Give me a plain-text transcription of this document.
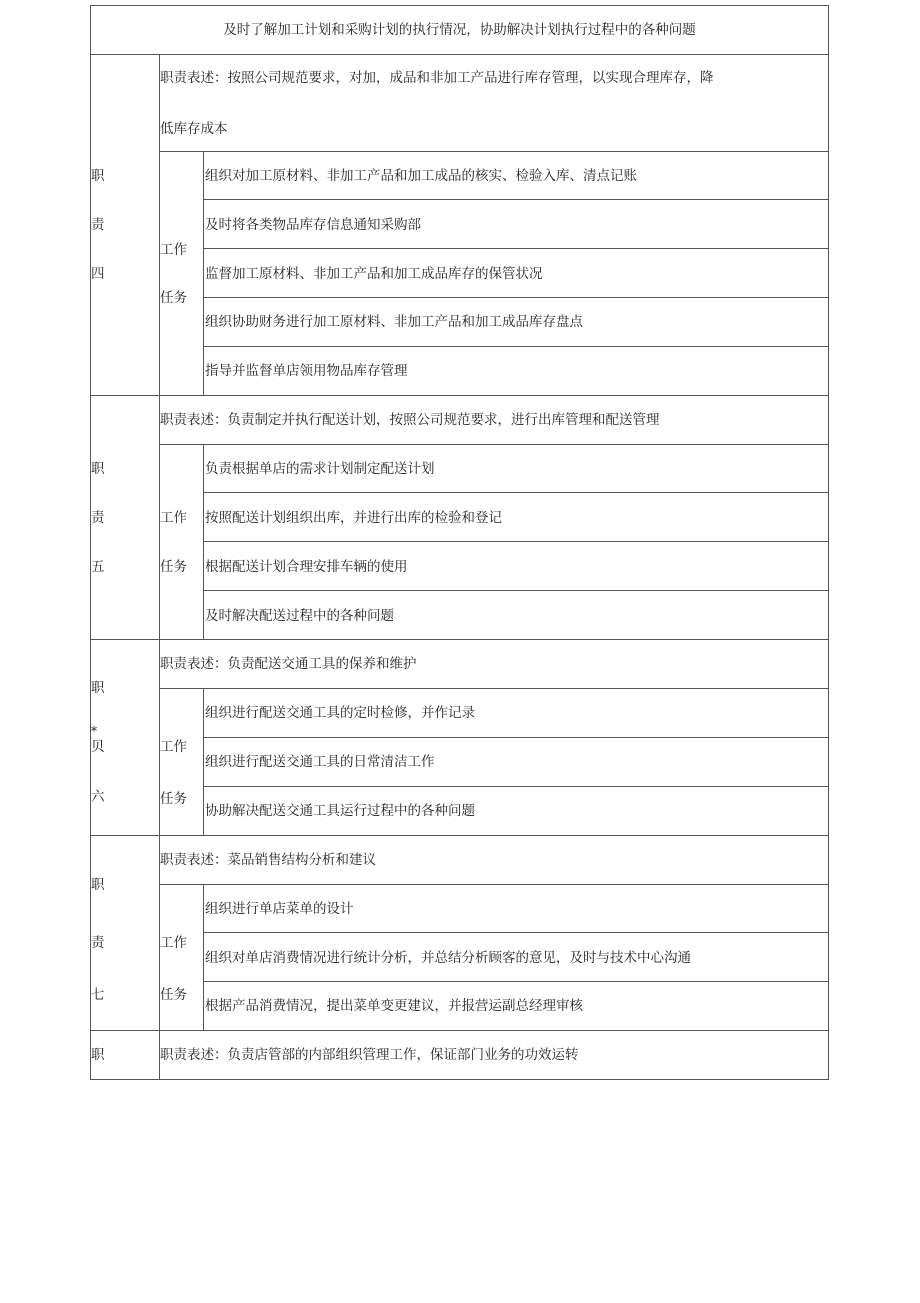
及时了解加工计划和采购计划的执行情况，协助解决计划执行过程中的各种问题
职
责
四
职责表述：按照公司规范要求，对加，成品和非加工产品进行库存管理，以实现合理库存，降
低库存成本
工作
任务
组织对加工原材料、非加工产品和加工成品的核实、检验入库、清点记账
及时将各类物品库存信息通知采购部
监督加工原材料、非加工产品和加工成品库存的保管状况
组织协助财务进行加工原材料、非加工产品和加工成品库存盘点
指导并监督单店领用物品库存管理
职
责
五
职责表述：负责制定并执行配送计划，按照公司规范要求，进行出库管理和配送管理
工作
任务
负责根据单店的需求计划制定配送计划
按照配送计划组织出库，并进行出库的检验和登记
根据配送计划合理安排车辆的使用
及时解决配送过程中的各种问题
职
*
贝
六
职责表述：负责配送交通工具的保养和维护
工作
任务
组织进行配送交通工具的定时检修，并作记录
组织进行配送交通工具的日常清洁工作
协助解决配送交通工具运行过程中的各种问题
职
责
七
职责表述：菜品销售结构分析和建议
工作
任务
组织进行单店菜单的设计
组织对单店消费情况进行统计分析，并总结分析顾客的意见，及时与技术中心沟通
根据产品消费情况，提出菜单变更建议，并报营运副总经理审核
职	职责表述：负责店管部的内部组织管理工作，保证部门业务的功效运转
